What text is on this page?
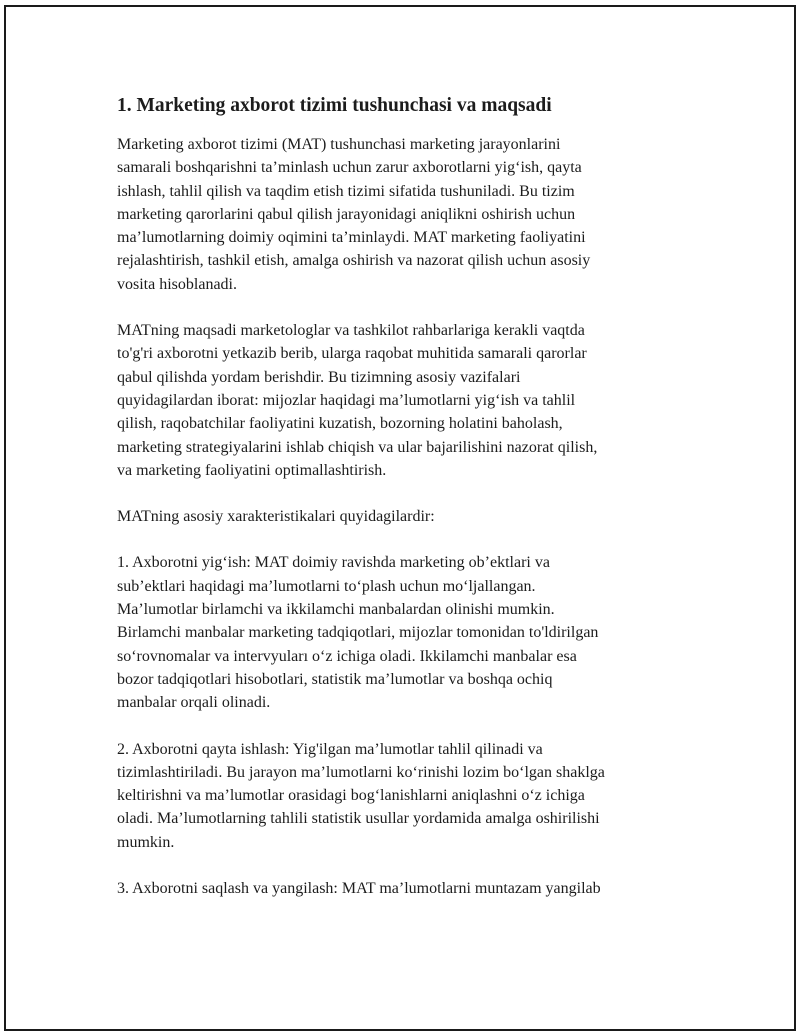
1. Marketing axborot tizimi tushunchasi va maqsadi
Marketing axborot tizimi (MAT) tushunchasi marketing jarayonlarini
samarali boshqarishni ta’minlash uchun zarur axborotlarni yig‘ish, qayta
ishlash, tahlil qilish va taqdim etish tizimi sifatida tushuniladi. Bu tizim
marketing qarorlarini qabul qilish jarayonidagi aniqlikni oshirish uchun
ma’lumotlarning doimiy oqimini ta’minlaydi. MAT marketing faoliyatini
rejalashtirish, tashkil etish, amalga oshirish va nazorat qilish uchun asosiy
vosita hisoblanadi.
MATning maqsadi marketologlar va tashkilot rahbarlariga kerakli vaqtda
to'g'ri axborotni yetkazib berib, ularga raqobat muhitida samarali qarorlar
qabul qilishda yordam berishdir. Bu tizimning asosiy vazifalari
quyidagilardan iborat: mijozlar haqidagi ma’lumotlarni yig‘ish va tahlil
qilish, raqobatchilar faoliyatini kuzatish, bozorning holatini baholash,
marketing strategiyalarini ishlab chiqish va ular bajarilishini nazorat qilish,
va marketing faoliyatini optimallashtirish.
MATning asosiy xarakteristikalari quyidagilardir:
1. Axborotni yig‘ish: MAT doimiy ravishda marketing ob’ektlari va
sub’ektlari haqidagi ma’lumotlarni to‘plash uchun mo‘ljallangan.
Ma’lumotlar birlamchi va ikkilamchi manbalardan olinishi mumkin.
Birlamchi manbalar marketing tadqiqotlari, mijozlar tomonidan to'ldirilgan
so‘rovnomalar va intervyuları o‘z ichiga oladi. Ikkilamchi manbalar esa
bozor tadqiqotlari hisobotlari, statistik ma’lumotlar va boshqa ochiq
manbalar orqali olinadi.
2. Axborotni qayta ishlash: Yig'ilgan ma’lumotlar tahlil qilinadi va
tizimlashtiriladi. Bu jarayon ma’lumotlarni ko‘rinishi lozim bo‘lgan shaklga
keltirishni va ma’lumotlar orasidagi bog‘lanishlarni aniqlashni o‘z ichiga
oladi. Ma’lumotlarning tahlili statistik usullar yordamida amalga oshirilishi
mumkin.
3. Axborotni saqlash va yangilash: MAT ma’lumotlarni muntazam yangilab
